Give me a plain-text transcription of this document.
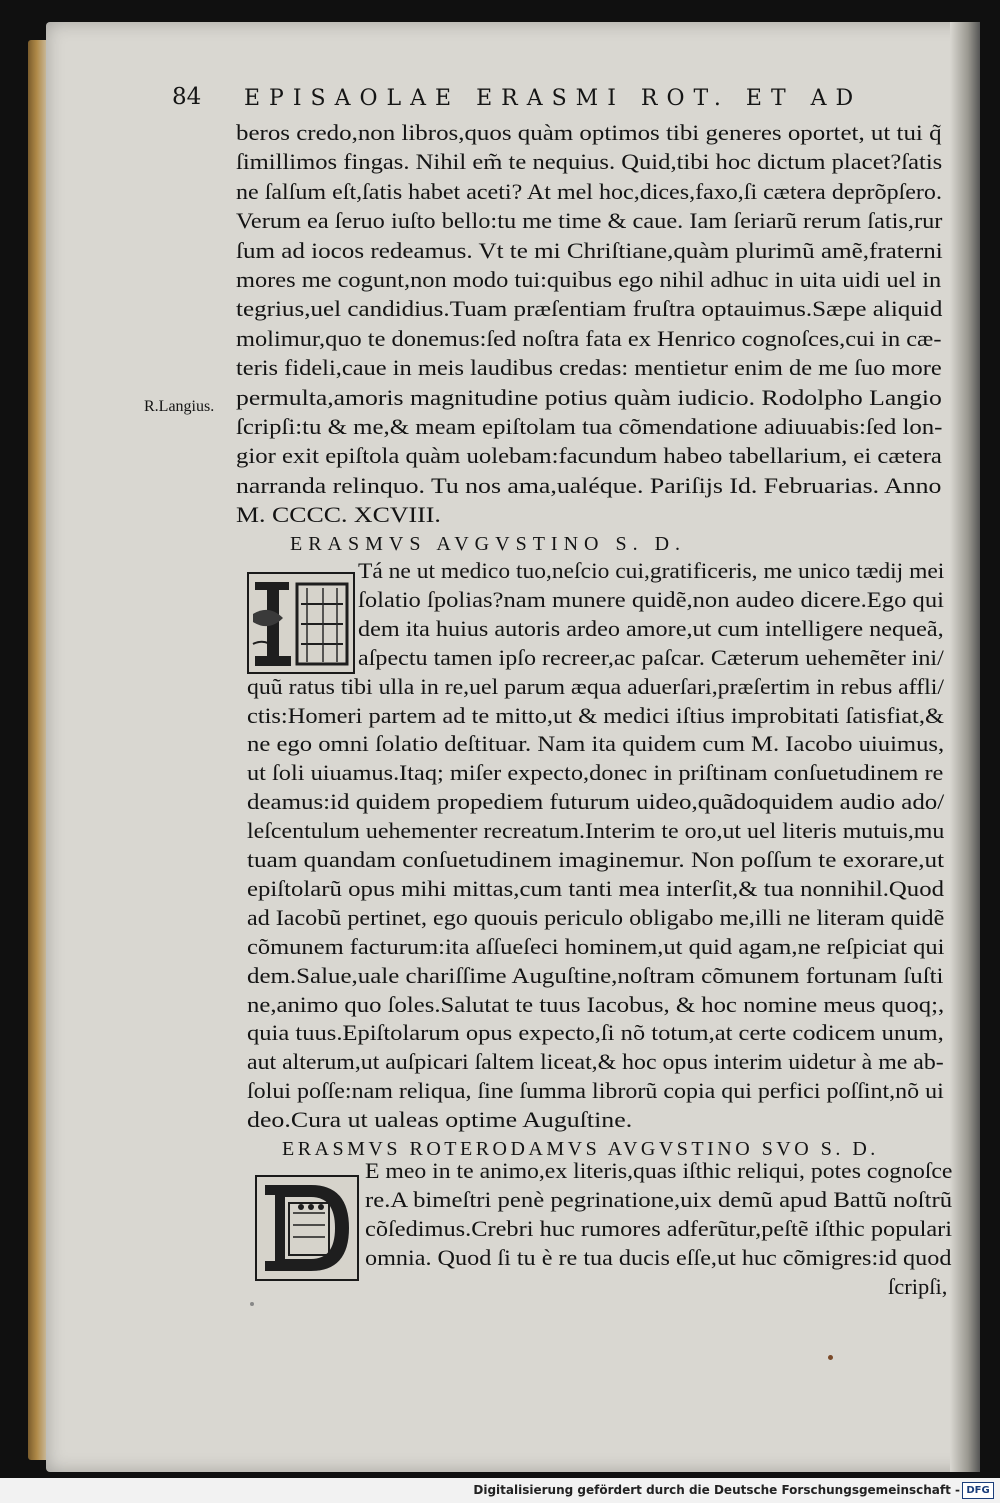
84 EPISAOLAE ERASMI ROT. ET AD
R.Langius.
beros credo,non libros,quos quàm optimos tibi generes oportet, ut tui q̃
ſimillimos fingas. Nihil em̃ te nequius. Quid,tibi hoc dictum placet?ſatis
ne ſalſum eſt,ſatis habet aceti? At mel hoc,dices,faxo,ſi cætera deprõpſero.
Verum ea ſeruo iuſto bello:tu me time & caue. Iam ſeriarũ rerum ſatis,rur
ſum ad iocos redeamus. Vt te mi Chriſtiane,quàm plurimũ amẽ,fraterni
mores me cogunt,non modo tui:quibus ego nihil adhuc in uita uidi uel in
tegrius,uel candidius.Tuam præſentiam fruſtra optauimus.Sæpe aliquid
molimur,quo te donemus:ſed noſtra fata ex Henrico cognoſces,cui in cæ-
teris fideli,caue in meis laudibus credas: mentietur enim de me ſuo more
permulta,amoris magnitudine potius quàm iudicio. Rodolpho Langio
ſcripſi:tu & me,& meam epiſtolam tua cõmendatione adiuuabis:ſed lon-
gior exit epiſtola quàm uolebam:facundum habeo tabellarium, ei cætera
narranda relinquo. Tu nos ama,ualéque. Pariſijs Id. Februarias. Anno
M. CCCC. XCVIII.
ERASMVS AVGVSTINO S. D.
Tá ne ut medico tuo,neſcio cui,gratificeris, me unico tædij mei
ſolatio ſpolias?nam munere quidẽ,non audeo dicere.Ego qui
dem ita huius autoris ardeo amore,ut cum intelligere nequeã,
aſpectu tamen ipſo recreer,ac paſcar. Cæterum uehemẽter ini/
quũ ratus tibi ulla in re,uel parum æqua aduerſari,præſertim in rebus affli/
ctis:Homeri partem ad te mitto,ut & medici iſtius improbitati ſatisfiat,&
ne ego omni ſolatio deſtituar. Nam ita quidem cum M. Iacobo uiuimus,
ut ſoli uiuamus.Itaq; miſer expecto,donec in priſtinam conſuetudinem re
deamus:id quidem propediem futurum uideo,quãdoquidem audio ado/
leſcentulum uehementer recreatum.Interim te oro,ut uel literis mutuis,mu
tuam quandam conſuetudinem imaginemur. Non poſſum te exorare,ut
epiſtolarũ opus mihi mittas,cum tanti mea interſit,& tua nonnihil.Quod
ad Iacobũ pertinet, ego quouis periculo obligabo me,illi ne literam quidẽ
cõmunem facturum:ita aſſueſeci hominem,ut quid agam,ne reſpiciat qui
dem.Salue,uale chariſſime Auguſtine,noſtram cõmunem fortunam ſuſti
ne,animo quo ſoles.Salutat te tuus Iacobus, & hoc nomine meus quoq;,
quia tuus.Epiſtolarum opus expecto,ſi nõ totum,at certe codicem unum,
aut alterum,ut auſpicari ſaltem liceat,& hoc opus interim uidetur à me ab-
ſolui poſſe:nam reliqua, ſine ſumma librorũ copia qui perfici poſſint,nõ ui
deo.Cura ut ualeas optime Auguſtine.
ERASMVS ROTERODAMVS AVGVSTINO SVO S. D.
E meo in te animo,ex literis,quas iſthic reliqui, potes cognoſce
re.A bimeſtri penè pegrinatione,uix demũ apud Battũ noſtrũ
cõſedimus.Crebri huc rumores adferũtur,peſtẽ iſthic populari
omnia. Quod ſi tu è re tua ducis eſſe,ut huc cõmigres:id quod
ſcripſi,
Digitalisierung gefördert durch die Deutsche Forschungsgemeinschaft - DFG
